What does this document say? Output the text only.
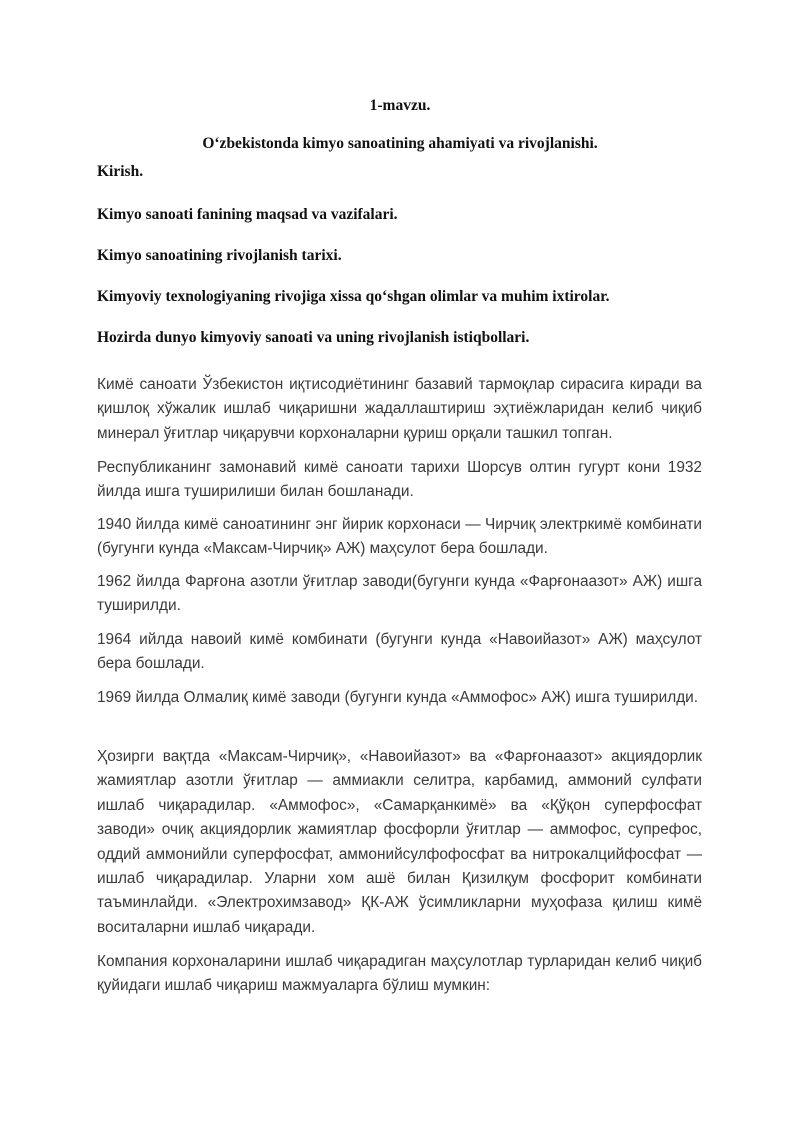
1-mavzu.
O‘zbekistonda kimyo sanoatining ahamiyati va rivojlanishi.
Kirish.
Kimyo sanoati fanining maqsad va vazifalari.
Kimyo sanoatining rivojlanish tarixi.
Kimyoviy texnologiyaning rivojiga xissa qo‘shgan olimlar va muhim ixtirolar.
Hozirda dunyo kimyoviy sanoati va uning rivojlanish istiqbollari.

Кимё саноати Ўзбекистон иқтисодиётининг базавий тармоқлар сирасига киради ва қишлоқ хўжалик ишлаб чиқаришни жадаллаштириш эҳтиёжларидан келиб чиқиб минерал ўғитлар чиқарувчи корхоналарни қуриш орқали ташкил топган.

Республиканинг замонавий кимё саноати тарихи Шорсув олтин гугурт кони 1932 йилда ишга туширилиши билан бошланади.

1940 йилда кимё саноатининг энг йирик корхонаси — Чирчиқ электркимё комбинати (бугунги кунда «Максам-Чирчиқ» АЖ) маҳсулот бера бошлади.

1962 йилда Фарғона азотли ўғитлар заводи(бугунги кунда «Фарғонаазот» АЖ) ишга туширилди.

1964 ийлда навоий кимё комбинати (бугунги кунда «Навоийазот» АЖ) маҳсулот бера бошлади.

1969 йилда Олмалиқ кимё заводи (бугунги кунда «Аммофос» АЖ) ишга туширилди.

Ҳозирги вақтда «Максам-Чирчиқ», «Навоийазот» ва «Фарғонаазот» акциядорлик жамиятлар азотли ўғитлар — аммиакли селитра, карбамид, аммоний сулфати ишлаб чиқарадилар. «Аммофос», «Самарқанкимё» ва «Қўқон суперфосфат заводи» очиқ акциядорлик жамиятлар фосфорли ўғитлар — аммофос, супрефос, оддий аммонийли суперфосфат, аммонийсулфофосфат ва нитрокалцийфосфат — ишлаб чиқарадилар. Уларни хом ашё билан Қизилқум фосфорит комбинати таъминлайди. «Электрохимзавод» ҚК-АЖ ўсимликларни муҳофаза қилиш кимё воситаларни ишлаб чиқаради.

Компания корхоналарини ишлаб чиқарадиган маҳсулотлар турларидан келиб чиқиб қуйидаги ишлаб чиқариш мажмуаларга бўлиш мумкин:
